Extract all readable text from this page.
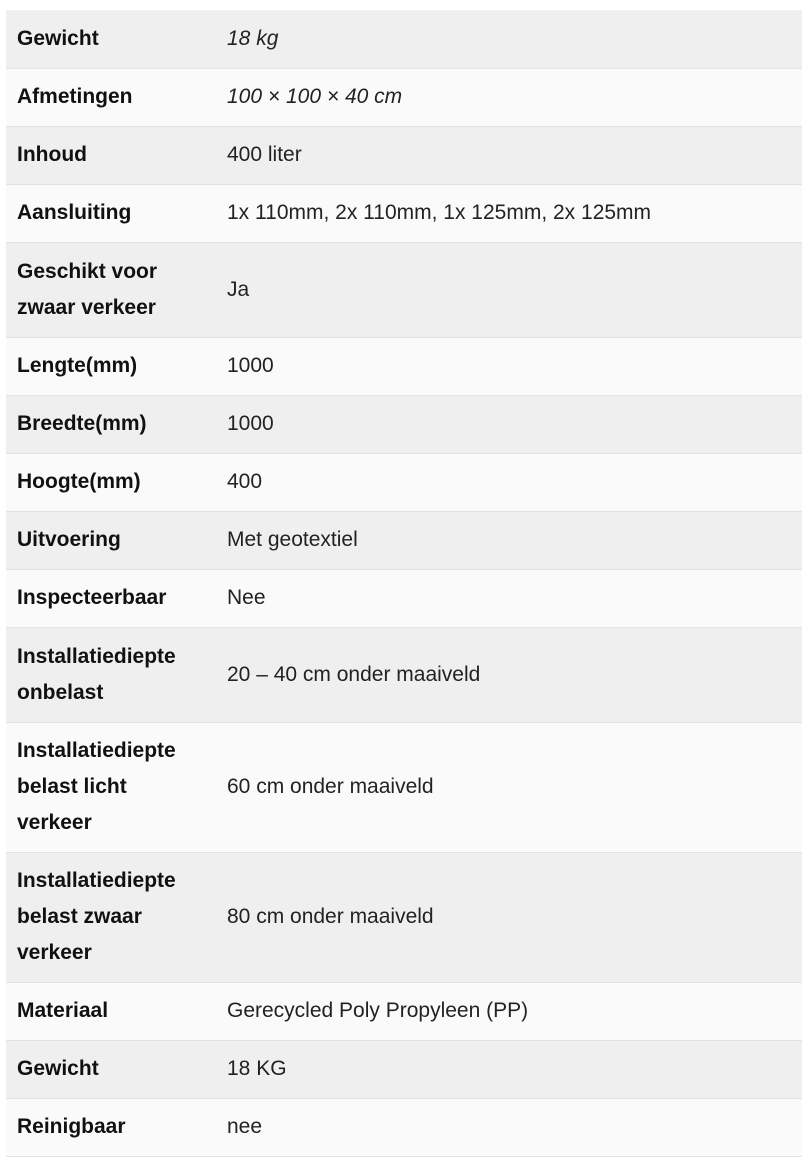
Gewicht	18 kg
Afmetingen	100 × 100 × 40 cm
Inhoud	400 liter
Aansluiting	1x 110mm, 2x 110mm, 1x 125mm, 2x 125mm
Geschikt voor zwaar verkeer	Ja
Lengte(mm)	1000
Breedte(mm)	1000
Hoogte(mm)	400
Uitvoering	Met geotextiel
Inspecteerbaar	Nee
Installatiediepte onbelast	20 – 40 cm onder maaiveld
Installatiediepte belast licht verkeer	60 cm onder maaiveld
Installatiediepte belast zwaar verkeer	80 cm onder maaiveld
Materiaal	Gerecycled Poly Propyleen (PP)
Gewicht	18 KG
Reinigbaar	nee
